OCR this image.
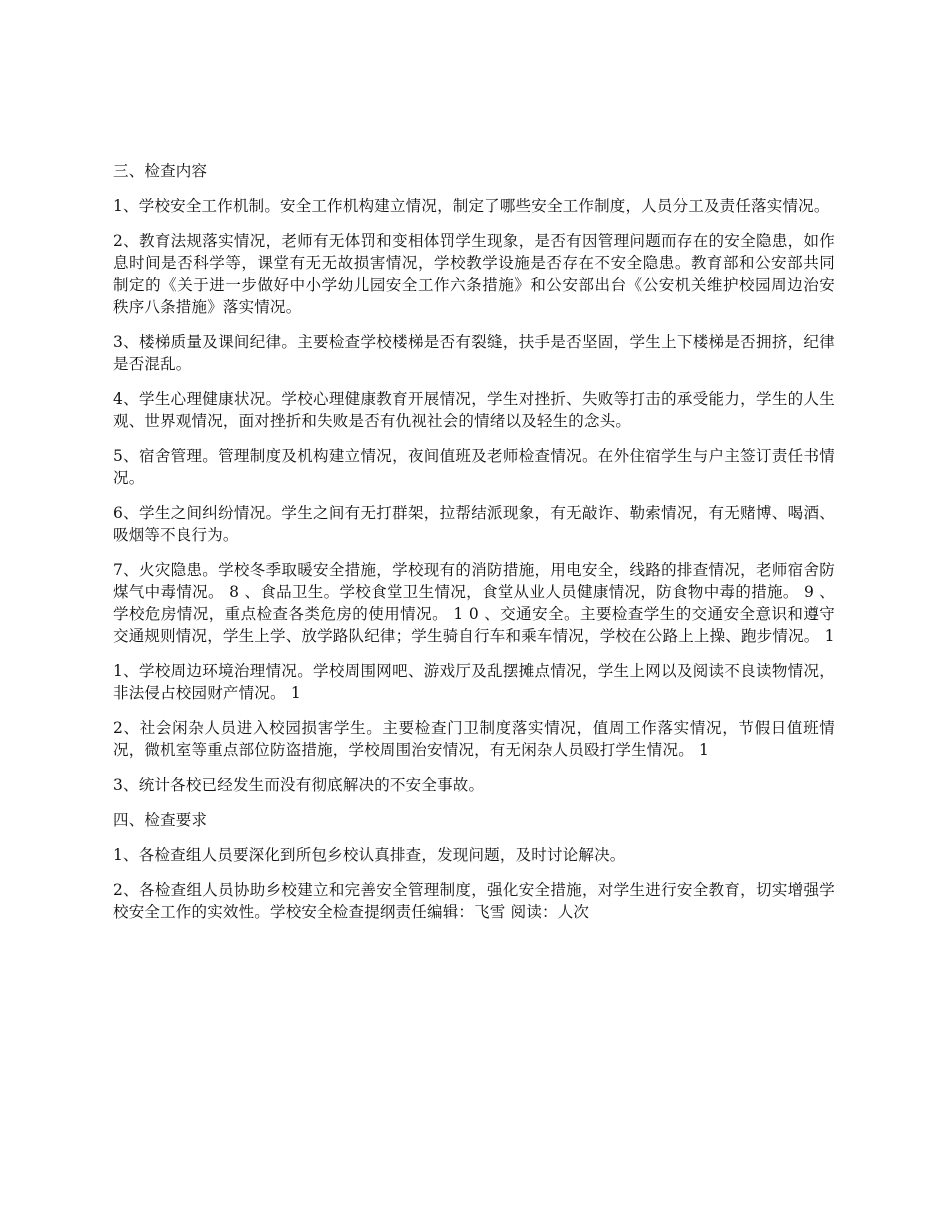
三、检查内容

1、学校安全工作机制。安全工作机构建立情况，制定了哪些安全工作制度，人员分工及责任落实情况。

2、教育法规落实情况，老师有无体罚和变相体罚学生现象，是否有因管理问题而存在的安全隐患，如作息时间是否科学等，课堂有无无故损害情况，学校教学设施是否存在不安全隐患。教育部和公安部共同制定的《关于进一步做好中小学幼儿园安全工作六条措施》和公安部出台《公安机关维护校园周边治安秩序八条措施》落实情况。

3、楼梯质量及课间纪律。主要检查学校楼梯是否有裂缝，扶手是否坚固，学生上下楼梯是否拥挤，纪律是否混乱。

4、学生心理健康状况。学校心理健康教育开展情况，学生对挫折、失败等打击的承受能力，学生的人生观、世界观情况，面对挫折和失败是否有仇视社会的情绪以及轻生的念头。

5、宿舍管理。管理制度及机构建立情况，夜间值班及老师检查情况。在外住宿学生与户主签订责任书情况。

6、学生之间纠纷情况。学生之间有无打群架，拉帮结派现象，有无敲诈、勒索情况，有无赌博、喝酒、吸烟等不良行为。

7、火灾隐患。学校冬季取暖安全措施，学校现有的消防措施，用电安全，线路的排查情况，老师宿舍防煤气中毒情况。 8 、食品卫生。学校食堂卫生情况，食堂从业人员健康情况，防食物中毒的措施。 9 、学校危房情况，重点检查各类危房的使用情况。 1 0 、交通安全。主要检查学生的交通安全意识和遵守交通规则情况，学生上学、放学路队纪律；学生骑自行车和乘车情况，学校在公路上上操、跑步情况。 1

1、学校周边环境治理情况。学校周围网吧、游戏厅及乱摆摊点情况，学生上网以及阅读不良读物情况，非法侵占校园财产情况。 1

2、社会闲杂人员进入校园损害学生。主要检查门卫制度落实情况，值周工作落实情况，节假日值班情况，微机室等重点部位防盗措施，学校周围治安情况，有无闲杂人员殴打学生情况。 1

3、统计各校已经发生而没有彻底解决的不安全事故。

四、检查要求

1、各检查组人员要深化到所包乡校认真排查，发现问题，及时讨论解决。

2、各检查组人员协助乡校建立和完善安全管理制度，强化安全措施，对学生进行安全教育，切实增强学校安全工作的实效性。学校安全检查提纲责任编辑：飞雪 阅读：人次
